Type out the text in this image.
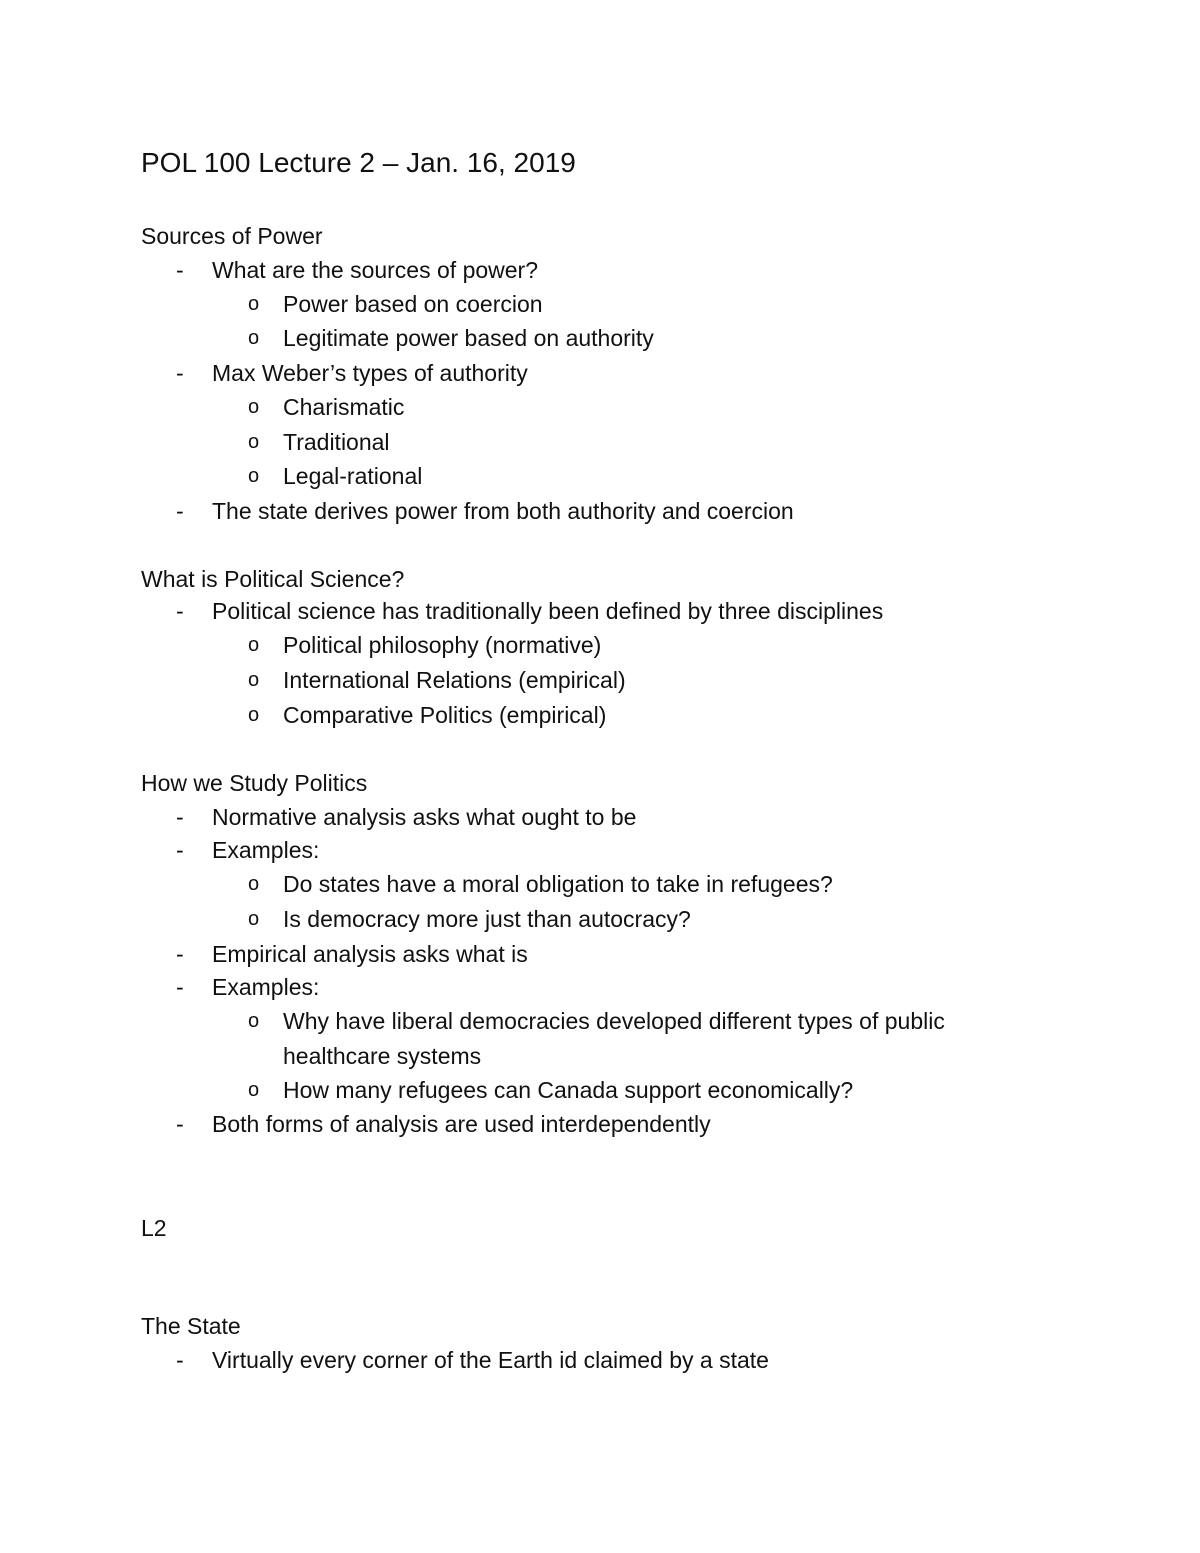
POL 100 Lecture 2 – Jan. 16, 2019
Sources of Power
- What are the sources of power?
o Power based on coercion
o Legitimate power based on authority
- Max Weber’s types of authority
o Charismatic
o Traditional
o Legal-rational
- The state derives power from both authority and coercion
What is Political Science?
- Political science has traditionally been defined by three disciplines
o Political philosophy (normative)
o International Relations (empirical)
o Comparative Politics (empirical)
How we Study Politics
- Normative analysis asks what ought to be
- Examples:
o Do states have a moral obligation to take in refugees?
o Is democracy more just than autocracy?
- Empirical analysis asks what is
- Examples:
o Why have liberal democracies developed different types of public
healthcare systems
o How many refugees can Canada support economically?
- Both forms of analysis are used interdependently
L2
The State
- Virtually every corner of the Earth id claimed by a state
